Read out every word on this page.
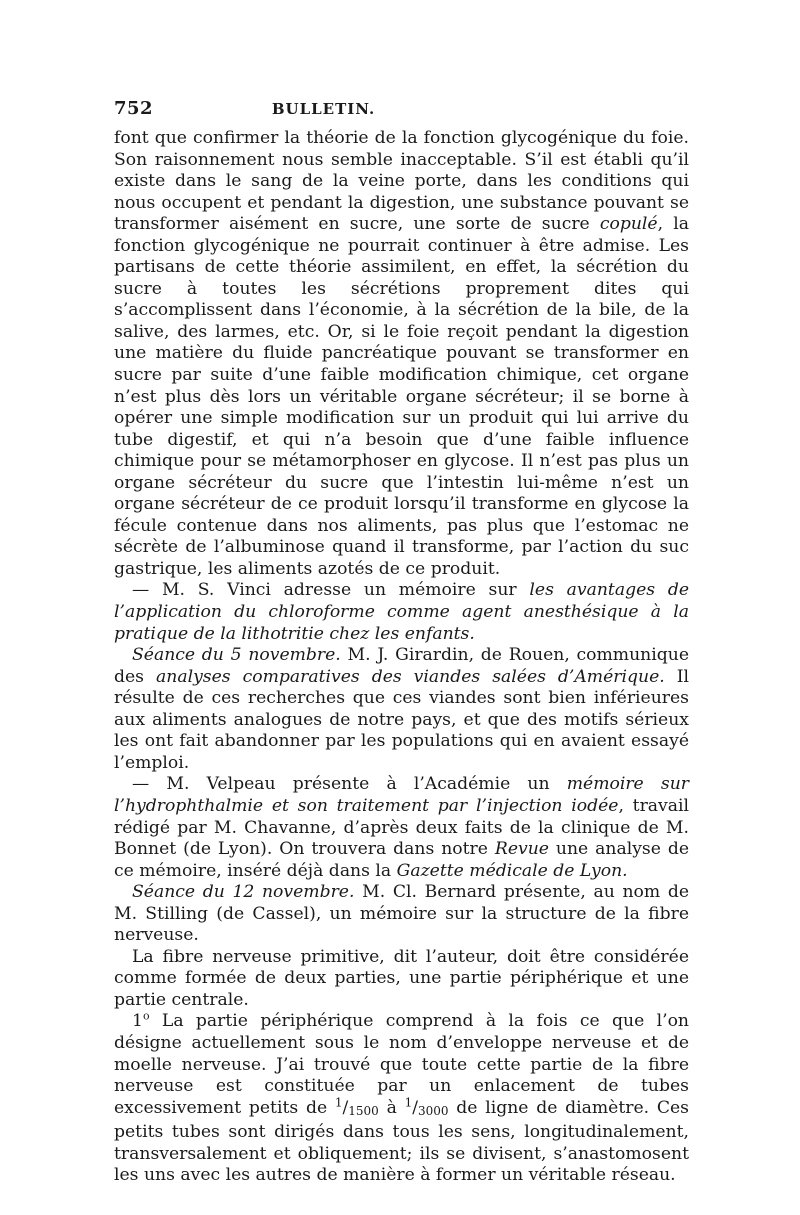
752	BULLETIN.

font que confirmer la théorie de la fonction glycogénique du foie. Son raisonnement nous semble inacceptable. S’il est établi qu’il existe dans le sang de la veine porte, dans les conditions qui nous occupent et pendant la digestion, une substance pouvant se transformer aisément en sucre, une sorte de sucre copulé, la fonction glycogénique ne pourrait continuer à être admise. Les partisans de cette théorie assimilent, en effet, la sécrétion du sucre à toutes les sécrétions proprement dites qui s’accomplissent dans l’économie, à la sécrétion de la bile, de la salive, des larmes, etc. Or, si le foie reçoit pendant la digestion une matière du fluide pancréatique pouvant se transformer en sucre par suite d’une faible modification chimique, cet organe n’est plus dès lors un véritable organe sécréteur; il se borne à opérer une simple modification sur un produit qui lui arrive du tube digestif, et qui n’a besoin que d’une faible influence chimique pour se métamorphoser en glycose. Il n’est pas plus un organe sécréteur du sucre que l’intestin lui-même n’est un organe sécréteur de ce produit lorsqu’il transforme en glycose la fécule contenue dans nos aliments, pas plus que l’estomac ne sécrète de l’albuminose quand il transforme, par l’action du suc gastrique, les aliments azotés de ce produit.

— M. S. Vinci adresse un mémoire sur les avantages de l’application du chloroforme comme agent anesthésique à la pratique de la lithotritie chez les enfants.

Séance du 5 novembre. M. J. Girardin, de Rouen, communique des analyses comparatives des viandes salées d’Amérique. Il résulte de ces recherches que ces viandes sont bien inférieures aux aliments analogues de notre pays, et que des motifs sérieux les ont fait abandonner par les populations qui en avaient essayé l’emploi.

— M. Velpeau présente à l’Académie un mémoire sur l’hydrophthalmie et son traitement par l’injection iodée, travail rédigé par M. Chavanne, d’après deux faits de la clinique de M. Bonnet (de Lyon). On trouvera dans notre Revue une analyse de ce mémoire, inséré déjà dans la Gazette médicale de Lyon.

Séance du 12 novembre. M. Cl. Bernard présente, au nom de M. Stilling (de Cassel), un mémoire sur la structure de la fibre nerveuse.

La fibre nerveuse primitive, dit l’auteur, doit être considérée comme formée de deux parties, une partie périphérique et une partie centrale.

1$^o$ La partie périphérique comprend à la fois ce que l’on désigne actuellement sous le nom d’enveloppe nerveuse et de moelle nerveuse. J’ai trouvé que toute cette partie de la fibre nerveuse est constituée par un enlacement de tubes excessivement petits de $^1/_{1500}$ à $^1/_{3000}$ de ligne de diamètre. Ces petits tubes sont dirigés dans tous les sens, longitudinalement, transversalement et obliquement; ils se divisent, s’anastomosent les uns avec les autres de manière à former un véritable réseau.
